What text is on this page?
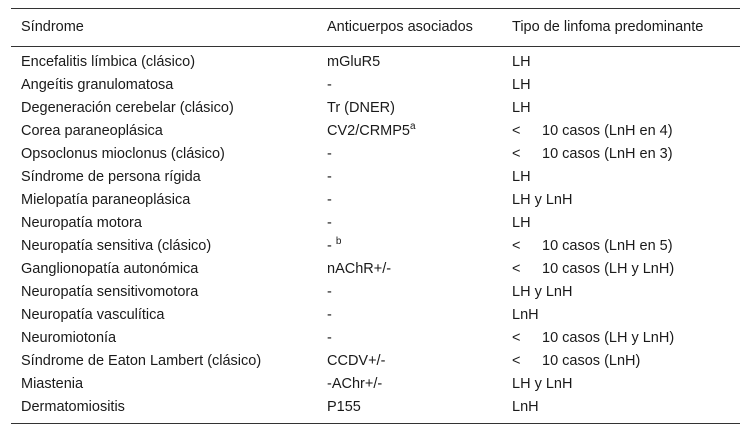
Síndrome	Anticuerpos asociados	Tipo de linfoma predominante
Encefalitis límbica (clásico)	mGluR5	LH
Angeítis granulomatosa	-	LH
Degeneración cerebelar (clásico)	Tr (DNER)	LH
Corea paraneoplásica	$CV2/CRMP5^a$	< 10 casos (LnH en 4)
Opsoclonus mioclonus (clásico)	-	< 10 casos (LnH en 3)
Síndrome de persona rígida	-	LH
Mielopatía paraneoplásica	-	LH y LnH
Neuropatía motora	-	LH
Neuropatía sensitiva (clásico)	- $^b$	< 10 casos (LnH en 5)
Ganglionopatía autonómica	nAChR+/-	< 10 casos (LH y LnH)
Neuropatía sensitivomotora	-	LH y LnH
Neuropatía vasculítica	-	LnH
Neuromiotonía	-	< 10 casos (LH y LnH)
Síndrome de Eaton Lambert (clásico)	CCDV+/-	< 10 casos (LnH)
Miastenia	-AChr+/-	LH y LnH
Dermatomiositis	P155	LnH
